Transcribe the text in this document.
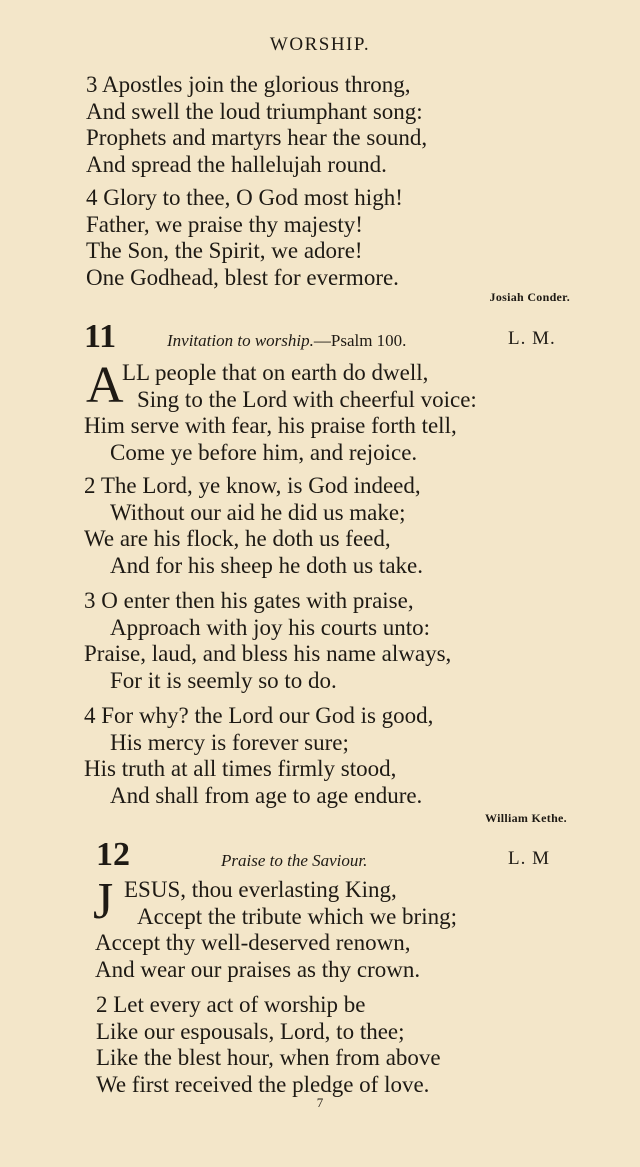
WORSHIP.
3 Apostles join the glorious throng,
And swell the loud triumphant song:
Prophets and martyrs hear the sound,
And spread the hallelujah round.
4 Glory to thee, O God most high!
Father, we praise thy majesty!
The Son, the Spirit, we adore!
One Godhead, blest for evermore.
Josiah Conder.
11	Invitation to worship.—Psalm 100.	L. M.
A
LL people that on earth do dwell,
Sing to the Lord with cheerful voice:
Him serve with fear, his praise forth tell,
Come ye before him, and rejoice.
2 The Lord, ye know, is God indeed,
Without our aid he did us make;
We are his flock, he doth us feed,
And for his sheep he doth us take.
3 O enter then his gates with praise,
Approach with joy his courts unto:
Praise, laud, and bless his name always,
For it is seemly so to do.
4 For why? the Lord our God is good,
His mercy is forever sure;
His truth at all times firmly stood,
And shall from age to age endure.
William Kethe.
12	Praise to the Saviour.	L. M
J ESUS, thou everlasting King,
Accept the tribute which we bring;
Accept thy well-deserved renown,
And wear our praises as thy crown.
2 Let every act of worship be
Like our espousals, Lord, to thee;
Like the blest hour, when from above
We first received the pledge of love.
7
